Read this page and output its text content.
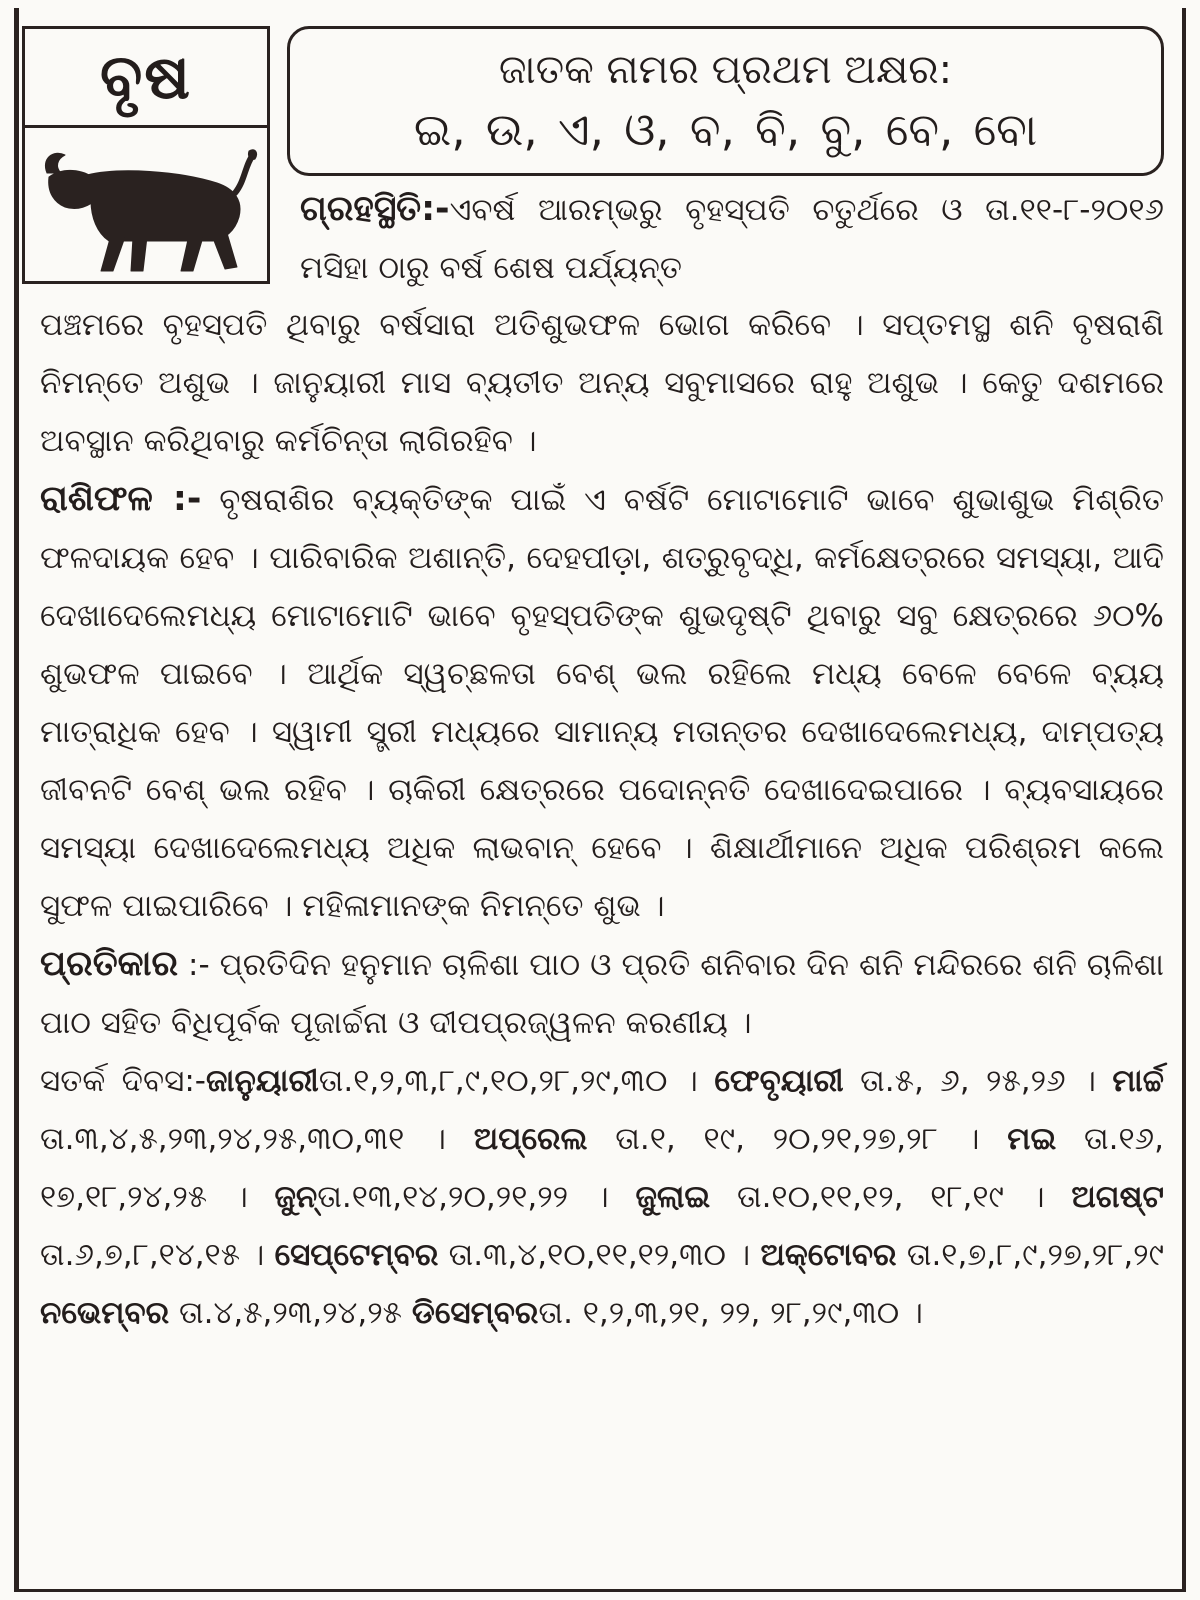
ବୃଷ	ଜାତକ ନାମର ପ୍ରଥମ ଅକ୍ଷର:
ଇ, ଉ, ଏ, ଓ, ବ, ବି, ବୁ, ବେ, ବୋ
ଗ୍ରହସ୍ଥିତି:-ଏବର୍ଷ ଆରମ୍ଭରୁ ବୃହସ୍ପତି ଚତୁର୍ଥରେ ଓ ତା.୧୧-୮-୨୦୧୬ ମସିହା ଠାରୁ ବର୍ଷ ଶେଷ ପର୍ଯ୍ୟନ୍ତ

ପଞ୍ଚମରେ ବୃହସ୍ପତି ଥିବାରୁ ବର୍ଷସାରା ଅତିଶୁଭଫଳ ଭୋଗ କରିବେ । ସପ୍ତମସ୍ଥ ଶନି ବୃଷରାଶି ନିମନ୍ତେ ଅଶୁଭ । ଜାନୁୟାରୀ ମାସ ବ୍ୟତୀତ ଅନ୍ୟ ସବୁମାସରେ ରାହୁ ଅଶୁଭ । କେତୁ ଦଶମରେ ଅବସ୍ଥାନ କରିଥିବାରୁ କର୍ମଚିନ୍ତା ଲାଗିରହିବ ।

ରାଶିଫଳ :- ବୃଷରାଶିର ବ୍ୟକ୍ତିଙ୍କ ପାଇଁ ଏ ବର୍ଷଟି ମୋଟାମୋଟି ଭାବେ ଶୁଭାଶୁଭ ମିଶ୍ରିତ ଫଳଦାୟକ ହେବ । ପାରିବାରିକ ଅଶାନ୍ତି, ଦେହପୀଡ଼ା, ଶତ୍ରୁବୃଦ୍ଧି, କର୍ମକ୍ଷେତ୍ରରେ ସମସ୍ୟା, ଆଦି ଦେଖାଦେଲେମଧ୍ୟ ମୋଟାମୋଟି ଭାବେ ବୃହସ୍ପତିଙ୍କ ଶୁଭଦୃଷ୍ଟି ଥିବାରୁ ସବୁ କ୍ଷେତ୍ରରେ ୬୦% ଶୁଭଫଳ ପାଇବେ । ଆର୍ଥିକ ସ୍ୱଚ୍ଛଳତା ବେଶ୍ ଭଲ ରହିଲେ ମଧ୍ୟ ବେଳେ ବେଳେ ବ୍ୟୟ ମାତ୍ରାଧିକ ହେବ । ସ୍ୱାମୀ ସ୍ତ୍ରୀ ମଧ୍ୟରେ ସାମାନ୍ୟ ମତାନ୍ତର ଦେଖାଦେଲେମଧ୍ୟ, ଦାମ୍ପତ୍ୟ ଜୀବନଟି ବେଶ୍ ଭଲ ରହିବ । ଚାକିରୀ କ୍ଷେତ୍ରରେ ପଦୋନ୍ନତି ଦେଖାଦେଇପାରେ । ବ୍ୟବସାୟରେ ସମସ୍ୟା ଦେଖାଦେଲେମଧ୍ୟ ଅଧିକ ଲାଭବାନ୍ ହେବେ । ଶିକ୍ଷାର୍ଥୀମାନେ ଅଧିକ ପରିଶ୍ରମ କଲେ ସୁଫଳ ପାଇପାରିବେ । ମହିଳାମାନଙ୍କ ନିମନ୍ତେ ଶୁଭ ।

ପ୍ରତିକାର :- ପ୍ରତିଦିନ ହନୁମାନ ଚାଳିଶା ପାଠ ଓ ପ୍ରତି ଶନିବାର ଦିନ ଶନି ମନ୍ଦିରରେ ଶନି ଚାଳିଶା ପାଠ ସହିତ ବିଧିପୂର୍ବକ ପୂଜାର୍ଚ୍ଚନା ଓ ଦୀପପ୍ରଜ୍ୱଳନ କରଣୀୟ ।

ସତର୍କ ଦିବସ:-ଜାନୁୟାରୀତା.୧,୨,୩,୮,୯,୧୦,୨୮,୨୯,୩୦ । ଫେବୃୟାରୀ ତା.୫, ୬, ୨୫,୨୬ । ମାର୍ଚ୍ଚ ତା.୩,୪,୫,୨୩,୨୪,୨୫,୩୦,୩୧ । ଅପ୍ରେଲ ତା.୧, ୧୯, ୨୦,୨୧,୨୭,୨୮ । ମଇ ତା.୧୬, ୧୭,୧୮,୨୪,୨୫ । ଜୁନ୍ତା.୧୩,୧୪,୨୦,୨୧,୨୨ । ଜୁଲାଇ ତା.୧୦,୧୧,୧୨, ୧୮,୧୯ । ଅଗଷ୍ଟ ତା.୬,୭,୮,୧୪,୧୫ । ସେପ୍ଟେମ୍ବର ତା.୩,୪,୧୦,୧୧,୧୨,୩୦ । ଅକ୍ଟୋବର ତା.୧,୭,୮,୯,୨୭,୨୮,୨୯ ନଭେମ୍ବର ତା.୪,୫,୨୩,୨୪,୨୫ ଡିସେମ୍ବରତା. ୧,୨,୩,୨୧, ୨୨, ୨୮,୨୯,୩୦ ।
